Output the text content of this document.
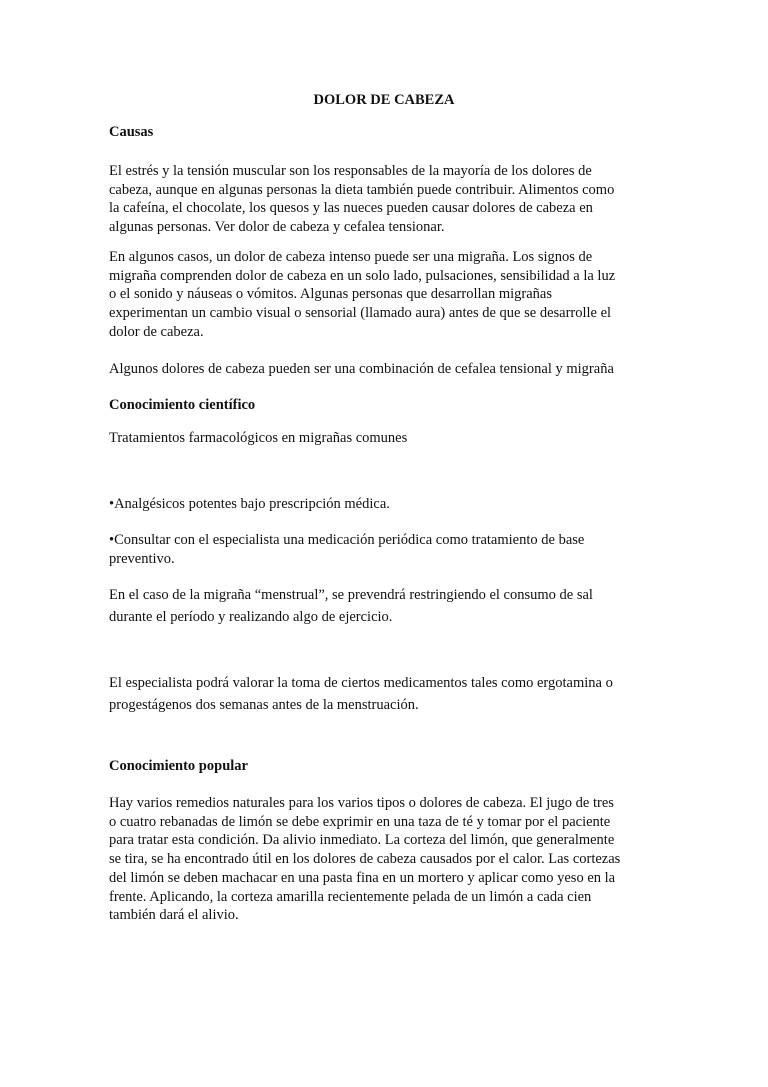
DOLOR DE CABEZA
Causas
El estrés y la tensión muscular son los responsables de la mayoría de los dolores de
cabeza, aunque en algunas personas la dieta también puede contribuir. Alimentos como
la cafeína, el chocolate, los quesos y las nueces pueden causar dolores de cabeza en
algunas personas. Ver dolor de cabeza y cefalea tensionar.
En algunos casos, un dolor de cabeza intenso puede ser una migraña. Los signos de
migraña comprenden dolor de cabeza en un solo lado, pulsaciones, sensibilidad a la luz
o el sonido y náuseas o vómitos. Algunas personas que desarrollan migrañas
experimentan un cambio visual o sensorial (llamado aura) antes de que se desarrolle el
dolor de cabeza.
Algunos dolores de cabeza pueden ser una combinación de cefalea tensional y migraña
Conocimiento científico
Tratamientos farmacológicos en migrañas comunes
•Analgésicos potentes bajo prescripción médica.
•Consultar con el especialista una medicación periódica como tratamiento de base
preventivo.
En el caso de la migraña “menstrual”, se prevendrá restringiendo el consumo de sal
durante el período y realizando algo de ejercicio.
El especialista podrá valorar la toma de ciertos medicamentos tales como ergotamina o
progestágenos dos semanas antes de la menstruación.
Conocimiento popular
Hay varios remedios naturales para los varios tipos o dolores de cabeza. El jugo de tres
o cuatro rebanadas de limón se debe exprimir en una taza de té y tomar por el paciente
para tratar esta condición. Da alivio inmediato. La corteza del limón, que generalmente
se tira, se ha encontrado útil en los dolores de cabeza causados por el calor. Las cortezas
del limón se deben machacar en una pasta fina en un mortero y aplicar como yeso en la
frente. Aplicando, la corteza amarilla recientemente pelada de un limón a cada cien
también dará el alivio.
